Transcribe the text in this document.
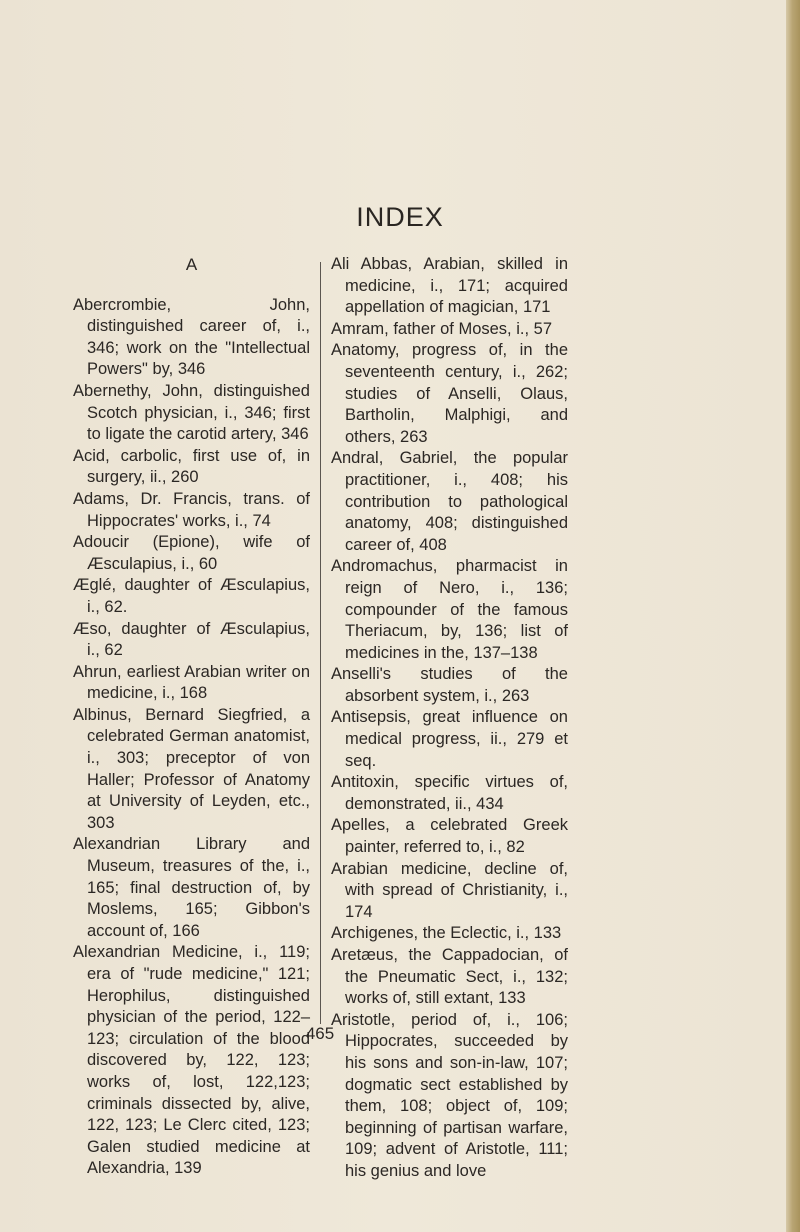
INDEX
A
Abercrombie, John, distinguished career of, i., 346; work on the "Intellectual Powers" by, 346
Abernethy, John, distinguished Scotch physician, i., 346; first to ligate the carotid artery, 346
Acid, carbolic, first use of, in surgery, ii., 260
Adams, Dr. Francis, trans. of Hippocrates' works, i., 74
Adoucir (Epione), wife of Æsculapius, i., 60
Æglé, daughter of Æsculapius, i., 62.
Æso, daughter of Æsculapius, i., 62
Ahrun, earliest Arabian writer on medicine, i., 168
Albinus, Bernard Siegfried, a celebrated German anatomist, i., 303; preceptor of von Haller; Professor of Anatomy at University of Leyden, etc., 303
Alexandrian Library and Museum, treasures of the, i., 165; final destruction of, by Moslems, 165; Gibbon's account of, 166
Alexandrian Medicine, i., 119; era of "rude medicine," 121; Herophilus, distinguished physician of the period, 122–123; circulation of the blood discovered by, 122, 123; works of, lost, 122,123; criminals dissected by, alive, 122, 123; Le Clerc cited, 123; Galen studied medicine at Alexandria, 139
Ali Abbas, Arabian, skilled in medicine, i., 171; acquired appellation of magician, 171
Amram, father of Moses, i., 57
Anatomy, progress of, in the seventeenth century, i., 262; studies of Anselli, Olaus, Bartholin, Malphigi, and others, 263
Andral, Gabriel, the popular practitioner, i., 408; his contribution to pathological anatomy, 408; distinguished career of, 408
Andromachus, pharmacist in reign of Nero, i., 136; compounder of the famous Theriacum, by, 136; list of medicines in the, 137–138
Anselli's studies of the absorbent system, i., 263
Antisepsis, great influence on medical progress, ii., 279 et seq.
Antitoxin, specific virtues of, demonstrated, ii., 434
Apelles, a celebrated Greek painter, referred to, i., 82
Arabian medicine, decline of, with spread of Christianity, i., 174
Archigenes, the Eclectic, i., 133
Aretæus, the Cappadocian, of the Pneumatic Sect, i., 132; works of, still extant, 133
Aristotle, period of, i., 106; Hippocrates, succeeded by his sons and son-in-law, 107; dogmatic sect established by them, 108; object of, 109; beginning of partisan warfare, 109; advent of Aristotle, 111; his genius and love
465
